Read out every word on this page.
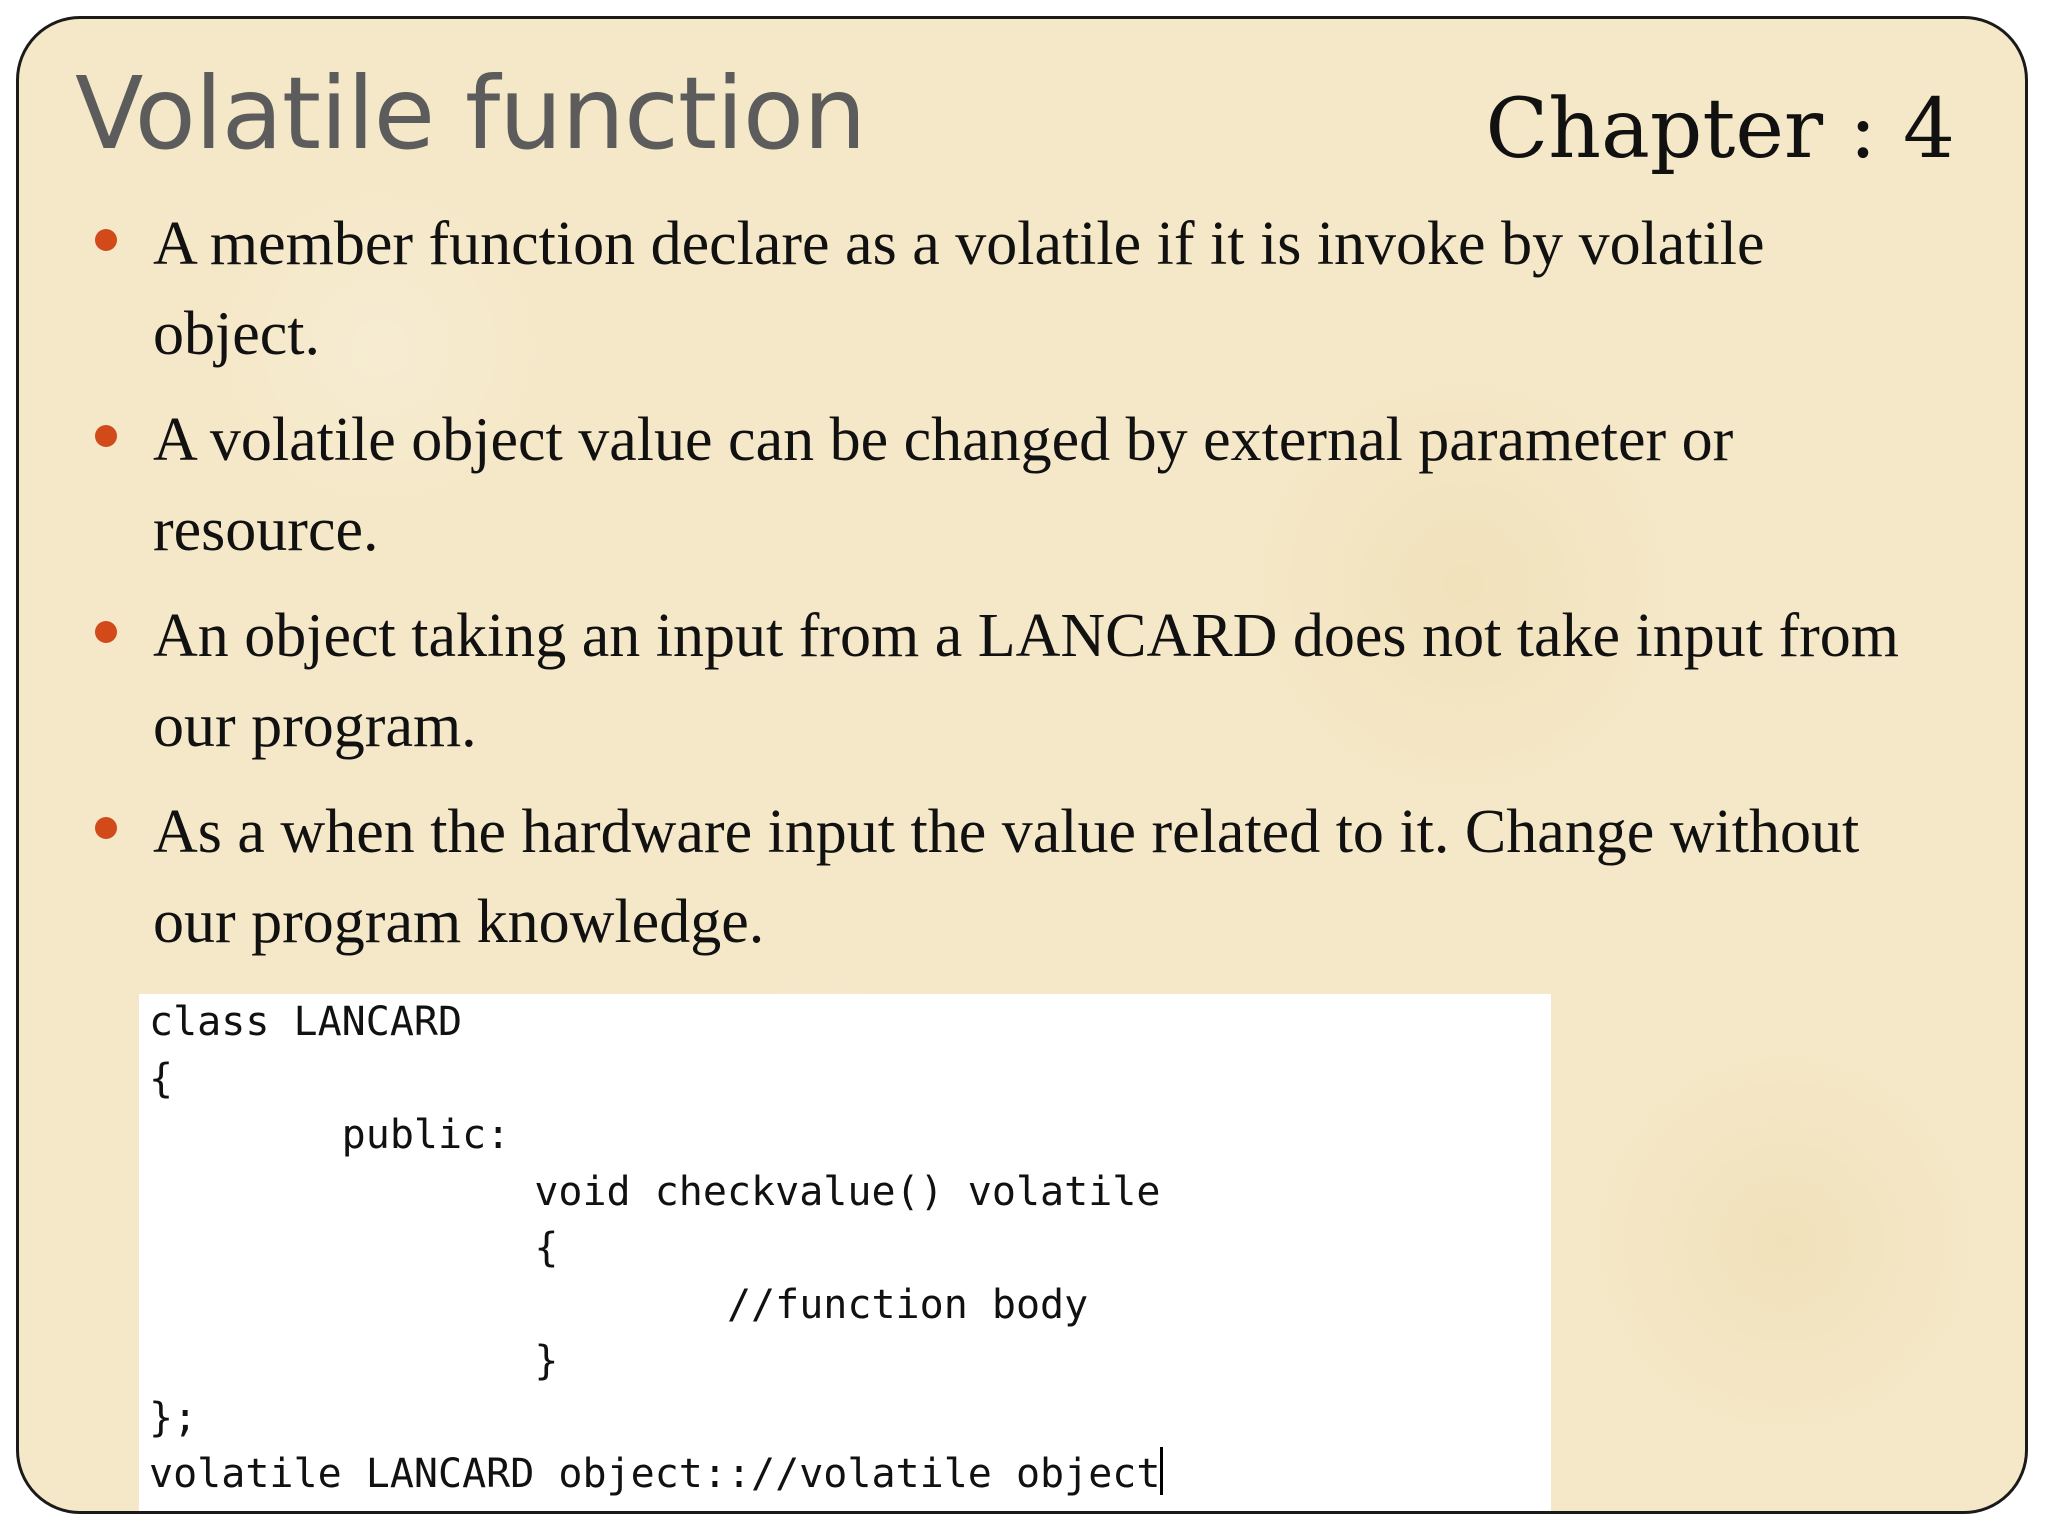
Volatile function	Chapter : 4
A member function declare as a volatile if it is invoke by volatile object.
A volatile object value can be changed by external parameter or resource.
An object taking an input from a LANCARD does not take input from our program.
As a when the hardware input the value related to it. Change without our program knowledge.
class LANCARD
{
public:
void checkvalue() volatile
{
//function body
}
};
volatile LANCARD object:://volatile object
